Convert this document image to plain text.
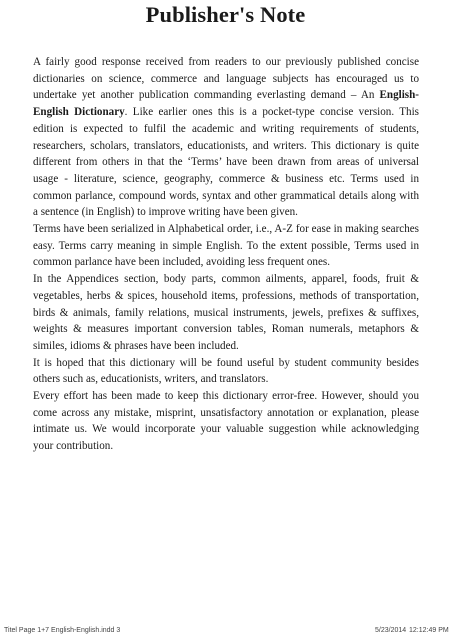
Publisher's Note

A fairly good response received from readers to our previously published concise dictionaries on science, commerce and language subjects has encouraged us to undertake yet another publication commanding everlasting demand – An English-English Dictionary. Like earlier ones this is a pocket-type concise version. This edition is expected to fulfil the academic and writing requirements of students, researchers, scholars, translators, educationists, and writers. This dictionary is quite different from others in that the ‘Terms’ have been drawn from areas of universal usage - literature, science, geography, commerce & business etc. Terms used in common parlance, compound words, syntax and other grammatical details along with a sentence (in English) to improve writing have been given.

Terms have been serialized in Alphabetical order, i.e., A-Z for ease in making searches easy. Terms carry meaning in simple English. To the extent possible, Terms used in common parlance have been included, avoiding less frequent ones.

In the Appendices section, body parts, common ailments, apparel, foods, fruit & vegetables, herbs & spices, household items, professions, methods of transportation, birds & animals, family relations, musical instruments, jewels, prefixes & suffixes, weights & measures important conversion tables, Roman numerals, metaphors & similes, idioms & phrases have been included.

It is hoped that this dictionary will be found useful by student community besides others such as, educationists, writers, and translators.

Every effort has been made to keep this dictionary error-free. However, should you come across any mistake, misprint, unsatisfactory annotation or explanation, please intimate us. We would incorporate your valuable suggestion while acknowledging your contribution.

Titel Page 1+7 English-English.indd 3	5/23/2014 12:12:49 PM
